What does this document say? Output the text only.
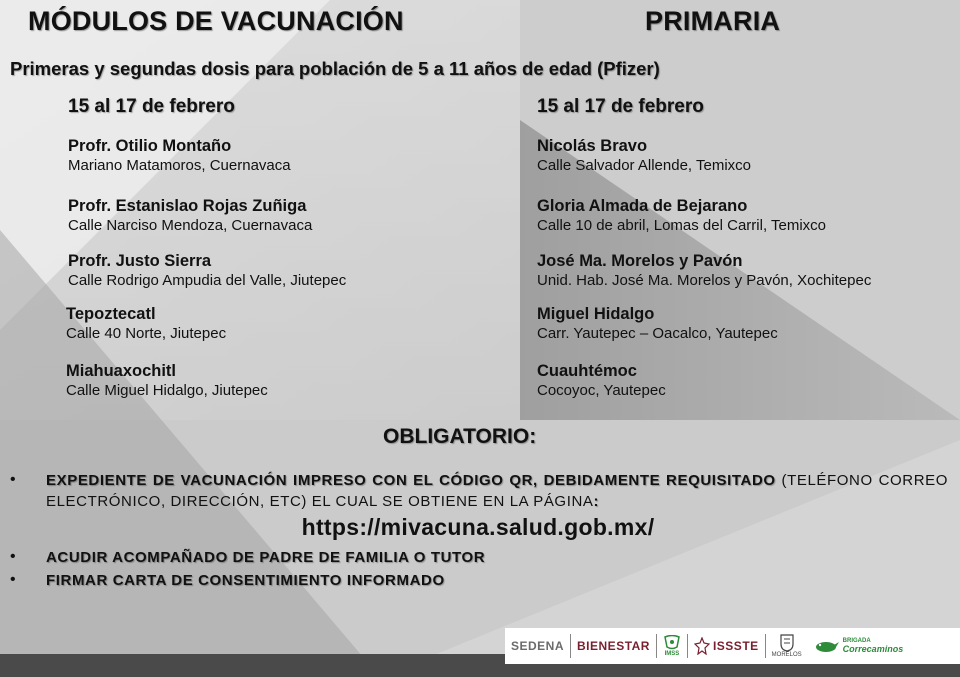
MÓDULOS DE VACUNACIÓN	PRIMARIA
Primeras y segundas dosis para población de 5 a 11 años de edad (Pfizer)
15 al 17 de febrero	15 al 17 de febrero
Profr. Otilio Montaño
Mariano Matamoros, Cuernavaca
Profr. Estanislao Rojas Zuñiga
Calle Narciso Mendoza, Cuernavaca
Profr. Justo Sierra
Calle Rodrigo Ampudia del Valle, Jiutepec
Tepoztecatl
Calle 40 Norte, Jiutepec
Miahuaxochitl
Calle Miguel Hidalgo, Jiutepec
Nicolás Bravo
Calle Salvador Allende, Temixco
Gloria Almada de Bejarano
Calle 10 de abril, Lomas del Carril, Temixco
José Ma. Morelos y Pavón
Unid. Hab. José Ma. Morelos y Pavón, Xochitepec
Miguel Hidalgo
Carr. Yautepec – Oacalco, Yautepec
Cuauhtémoc
Cocoyoc, Yautepec
OBLIGATORIO:
•	EXPEDIENTE DE VACUNACIÓN IMPRESO CON EL CÓDIGO QR, DEBIDAMENTE REQUISITADO (TELÉFONO CORREO ELECTRÓNICO, DIRECCIÓN, ETC) EL CUAL SE OBTIENE EN LA PÁGINA:
https://mivacuna.salud.gob.mx/
•	ACUDIR ACOMPAÑADO DE PADRE DE FAMILIA O TUTOR
•	FIRMAR CARTA DE CONSENTIMIENTO INFORMADO
SEDENA BIENESTAR
IMSS
ISSSTE
MORELOS
BRIGADA
Correcaminos
